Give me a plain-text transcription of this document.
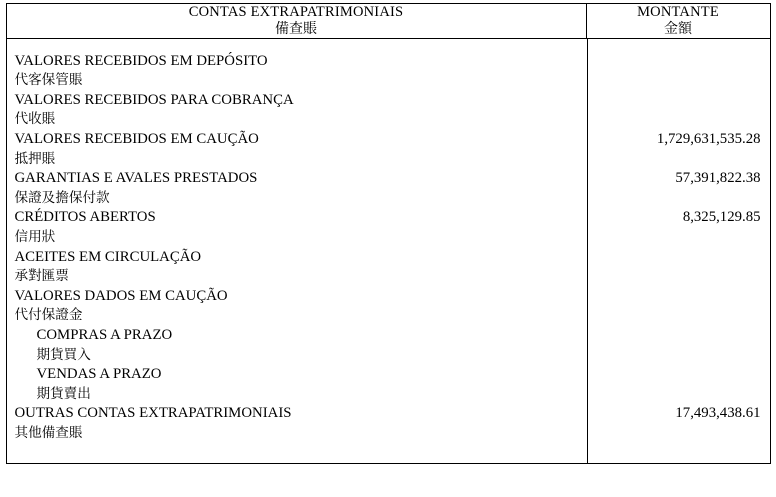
CONTAS EXTRAPATRIMONIAIS
備查賬

MONTANTE
金額

VALORES RECEBIDOS EM DEPÓSITO
代客保管賬
VALORES RECEBIDOS PARA COBRANÇA
代收賬
VALORES RECEBIDOS EM CAUÇÃO	1,729,631,535.28
抵押賬
GARANTIAS E AVALES PRESTADOS	57,391,822.38
保證及擔保付款
CRÉDITOS ABERTOS	8,325,129.85
信用狀
ACEITES EM CIRCULAÇÃO
承對匯票
VALORES DADOS EM CAUÇÃO
代付保證金
COMPRAS A PRAZO
期貨買入
VENDAS A PRAZO
期貨賣出
OUTRAS CONTAS EXTRAPATRIMONIAIS	17,493,438.61
其他備查賬
